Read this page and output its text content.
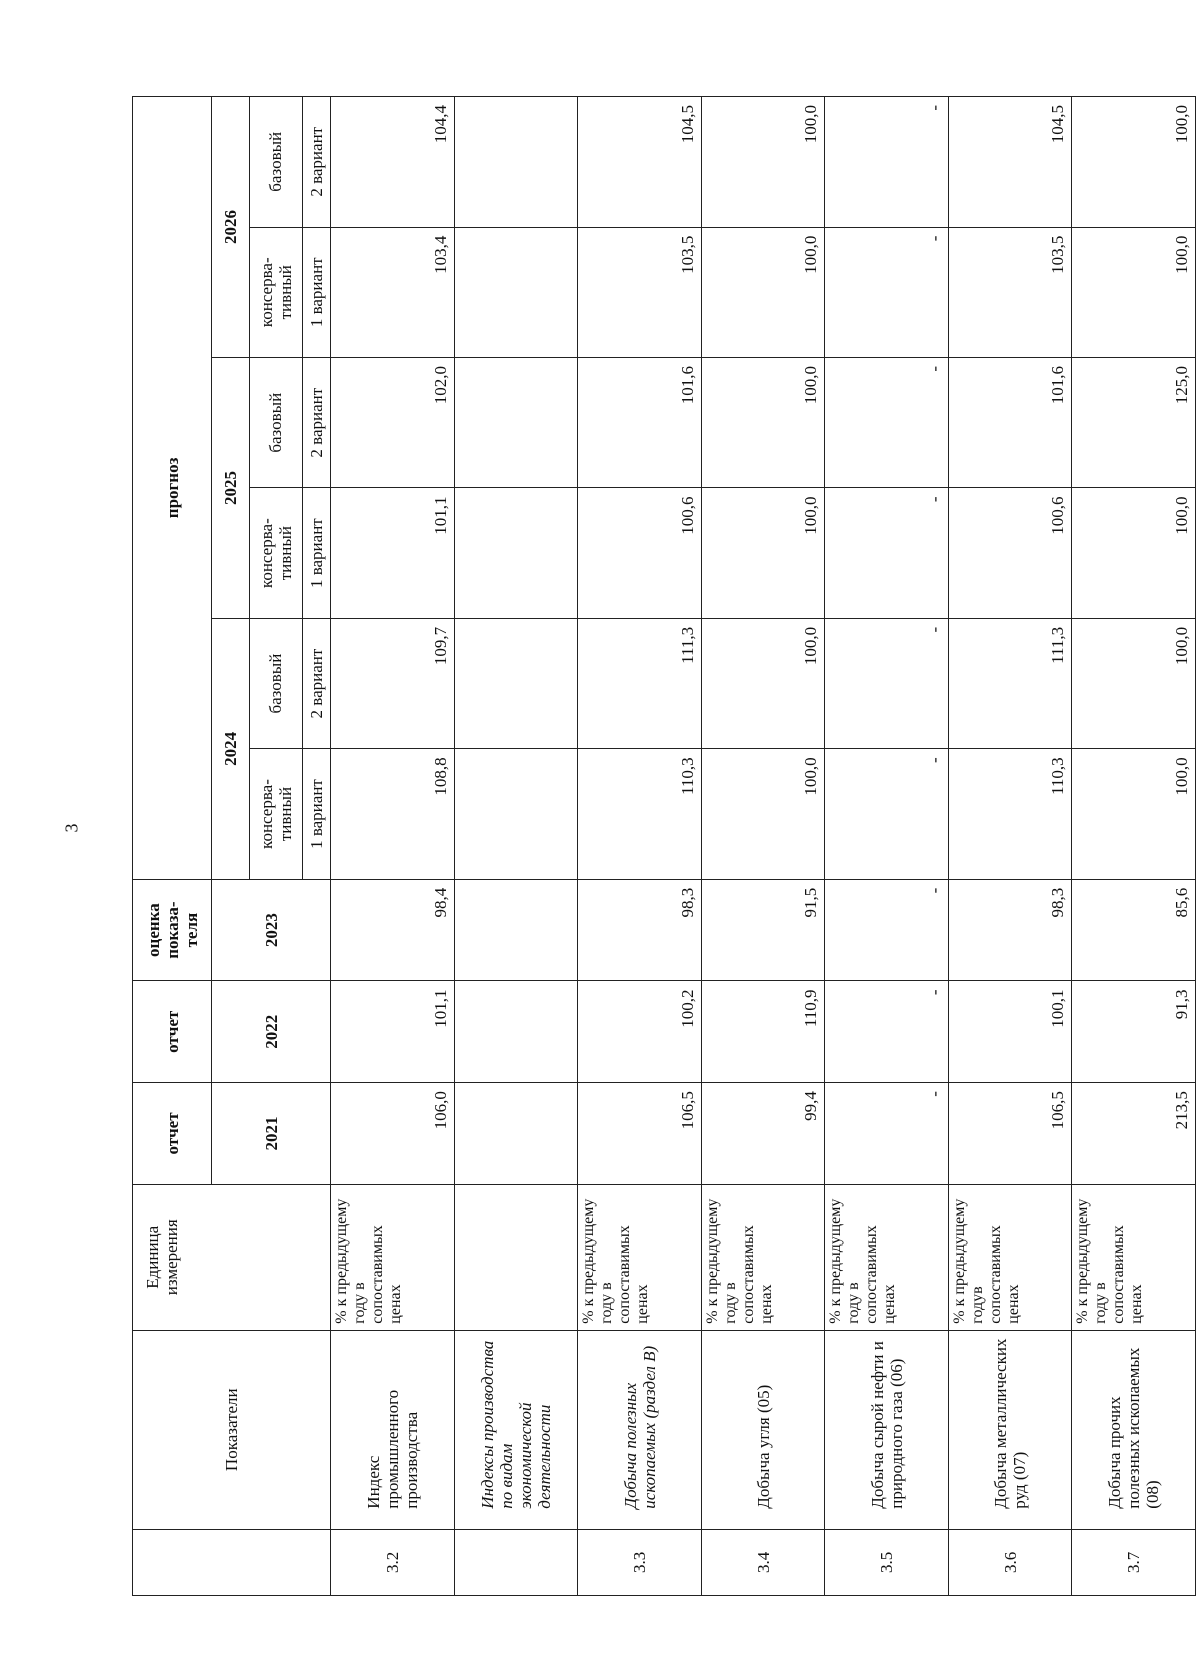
3
	Показатели	Единица измерения	отчет	отчет	оценка показа-теля	прогноз					
			2021	2022	2023	2024		2025		2026	
						консерва-тивный	базовый	консерва-тивный	базовый	консерва-тивный	базовый
						1 вариант	2 вариант	1 вариант	2 вариант	1 вариант	2 вариант
3.2	Индекс промышленного производства	% к предыдущему году в сопоставимых ценах	106,0	101,1	98,4	108,8	109,7	101,1	102,0	103,4	104,4
	Индексы производства по видам экономической деятельности										
3.3	Добыча полезных ископаемых (раздел B)	% к предыдущему году в сопоставимых ценах	106,5	100,2	98,3	110,3	111,3	100,6	101,6	103,5	104,5
3.4	Добыча угля (05)	% к предыдущему году в сопоставимых ценах	99,4	110,9	91,5	100,0	100,0	100,0	100,0	100,0	100,0
3.5	Добыча сырой нефти и природного газа (06)	% к предыдущему году в сопоставимых ценах	-	-	-	-	-	-	-	-	-
3.6	Добыча металлических руд (07)	% к предыдущему годув сопоставимых ценах	106,5	100,1	98,3	110,3	111,3	100,6	101,6	103,5	104,5
3.7	Добыча прочих полезных ископаемых (08)	% к предыдущему году в сопоставимых ценах	213,5	91,3	85,6	100,0	100,0	100,0	125,0	100,0	100,0
